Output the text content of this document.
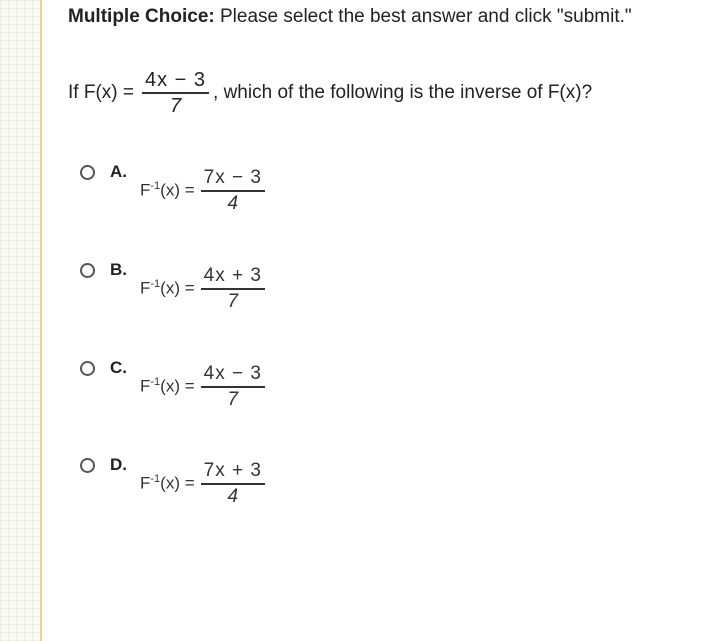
Multiple Choice: Please select the best answer and click "submit."
If $F(x) = \frac{4x - 3}{7}$ , which of the following is the inverse of F(x)?
A.
$F^{-1}(x) = \frac{7x - 3}{4}$
B.
$F^{-1}(x) = \frac{4x + 3}{7}$
C.
$F^{-1}(x) = \frac{4x - 3}{7}$
D.
$F^{-1}(x) = \frac{7x + 3}{4}$
